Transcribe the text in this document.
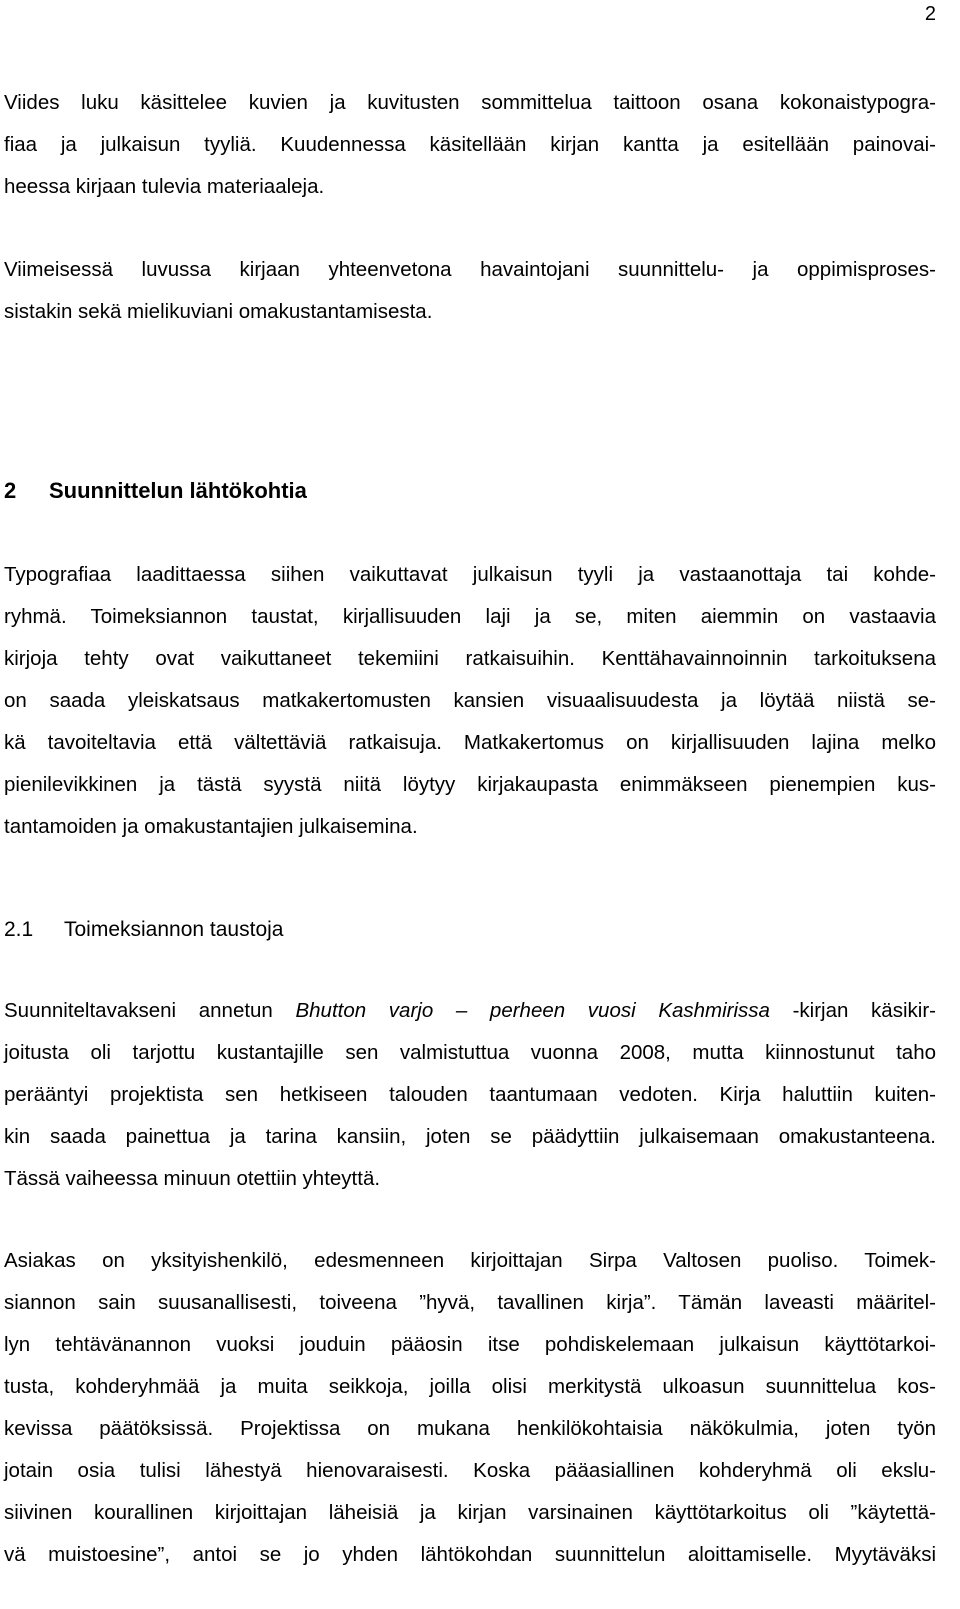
2
Viides luku käsittelee kuvien ja kuvitusten sommittelua taittoon osana kokonaistypogra-
fiaa ja julkaisun tyyliä. Kuudennessa käsitellään kirjan kantta ja esitellään painovai-
heessa kirjaan tulevia materiaaleja.
Viimeisessä luvussa kirjaan yhteenvetona havaintojani suunnittelu- ja oppimisproses-
sistakin sekä mielikuviani omakustantamisesta.
2 Suunnittelun lähtökohtia
Typografiaa laadittaessa siihen vaikuttavat julkaisun tyyli ja vastaanottaja tai kohde-
ryhmä. Toimeksiannon taustat, kirjallisuuden laji ja se, miten aiemmin on vastaavia
kirjoja tehty ovat vaikuttaneet tekemiini ratkaisuihin. Kenttähavainnoinnin tarkoituksena
on saada yleiskatsaus matkakertomusten kansien visuaalisuudesta ja löytää niistä se-
kä tavoiteltavia että vältettäviä ratkaisuja. Matkakertomus on kirjallisuuden lajina melko
pienilevikkinen ja tästä syystä niitä löytyy kirjakaupasta enimmäkseen pienempien kus-
tantamoiden ja omakustantajien julkaisemina.
2.1 Toimeksiannon taustoja
Suunniteltavakseni annetun Bhutton varjo – perheen vuosi Kashmirissa -kirjan käsikir-
joitusta oli tarjottu kustantajille sen valmistuttua vuonna 2008, mutta kiinnostunut taho
perääntyi projektista sen hetkiseen talouden taantumaan vedoten. Kirja haluttiin kuiten-
kin saada painettua ja tarina kansiin, joten se päädyttiin julkaisemaan omakustanteena.
Tässä vaiheessa minuun otettiin yhteyttä.
Asiakas on yksityishenkilö, edesmenneen kirjoittajan Sirpa Valtosen puoliso. Toimek-
siannon sain suusanallisesti, toiveena ”hyvä, tavallinen kirja”. Tämän laveasti määritel-
lyn tehtävänannon vuoksi jouduin pääosin itse pohdiskelemaan julkaisun käyttötarkoi-
tusta, kohderyhmää ja muita seikkoja, joilla olisi merkitystä ulkoasun suunnittelua kos-
kevissa päätöksissä. Projektissa on mukana henkilökohtaisia näkökulmia, joten työn
jotain osia tulisi lähestyä hienovaraisesti. Koska pääasiallinen kohderyhmä oli ekslu-
siivinen kourallinen kirjoittajan läheisiä ja kirjan varsinainen käyttötarkoitus oli ”käytettä-
vä muistoesine”, antoi se jo yhden lähtökohdan suunnittelun aloittamiselle. Myytäväksi
